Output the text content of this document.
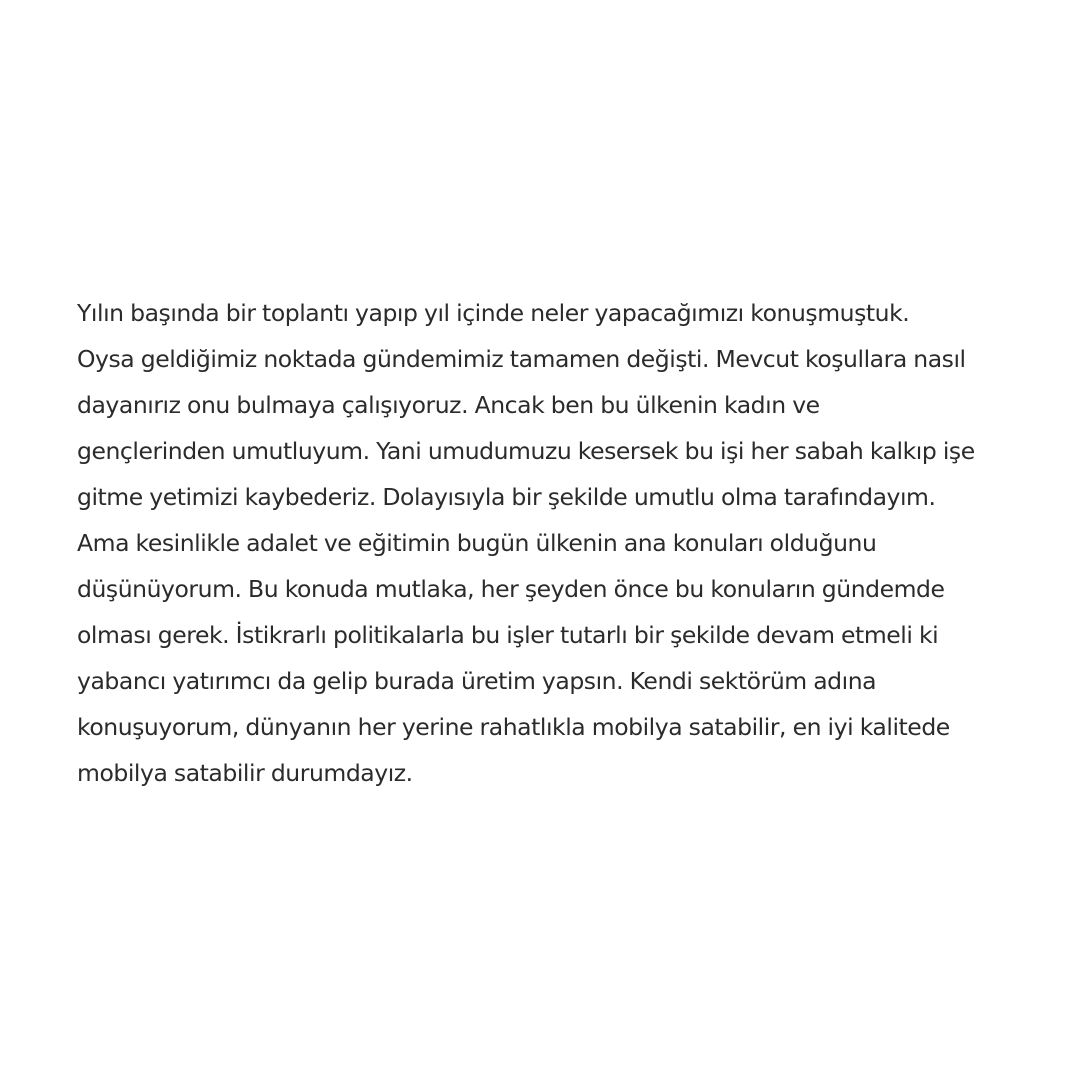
Yılın başında bir toplantı yapıp yıl içinde neler yapacağımızı konuşmuştuk.
Oysa geldiğimiz noktada gündemimiz tamamen değişti. Mevcut koşullara nasıl
dayanırız onu bulmaya çalışıyoruz. Ancak ben bu ülkenin kadın ve
gençlerinden umutluyum. Yani umudumuzu kesersek bu işi her sabah kalkıp işe
gitme yetimizi kaybederiz. Dolayısıyla bir şekilde umutlu olma tarafındayım.
Ama kesinlikle adalet ve eğitimin bugün ülkenin ana konuları olduğunu
düşünüyorum. Bu konuda mutlaka, her şeyden önce bu konuların gündemde
olması gerek. İstikrarlı politikalarla bu işler tutarlı bir şekilde devam etmeli ki
yabancı yatırımcı da gelip burada üretim yapsın. Kendi sektörüm adına
konuşuyorum, dünyanın her yerine rahatlıkla mobilya satabilir, en iyi kalitede
mobilya satabilir durumdayız.
